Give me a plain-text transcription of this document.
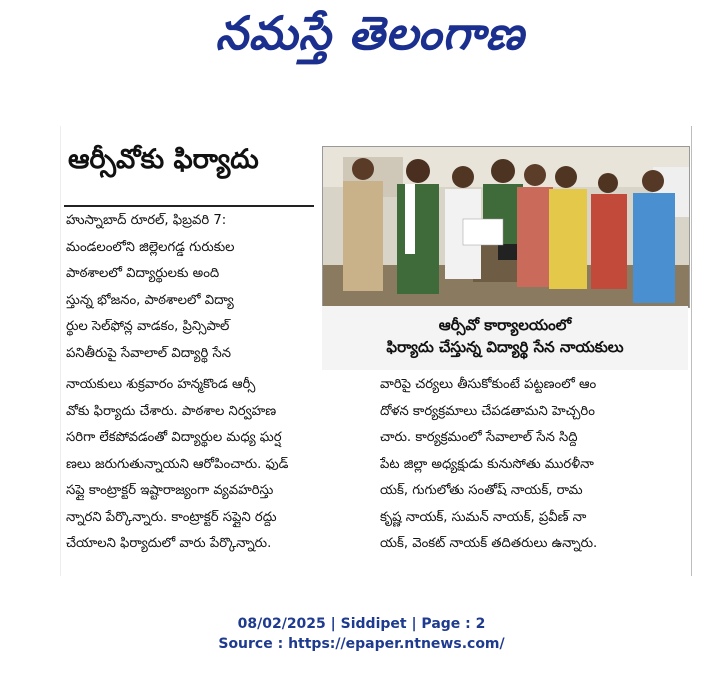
నమస్తే తెలంగాణ
ఆర్సీవోకు ఫిర్యాదు
ఆర్సీవో కార్యాలయంలో
ఫిర్యాదు చేస్తున్న విద్యార్థి సేన నాయకులు
హుస్నాబాద్ రూరల్, ఫిబ్రవరి 7:
మండలంలోని జిల్లెలగడ్డ గురుకుల
పాఠశాలలో విద్యార్థులకు అంది
స్తున్న భోజనం, పాఠశాలలో విద్యా
ర్థుల సెల్‌ఫోన్ల వాడకం, ప్రిన్సిపాల్
పనితీరుపై సేవాలాల్ విద్యార్థి సేన
నాయకులు శుక్రవారం హన్మకొండ ఆర్సీ
వోకు ఫిర్యాదు చేశారు. పాఠశాల నిర్వహణ
సరిగా లేకపోవడంతో విద్యార్థుల మధ్య ఘర్ష
ణలు జరుగుతున్నాయని ఆరోపించారు. ఫుడ్
సప్లై కాంట్రాక్టర్ ఇష్టారాజ్యంగా వ్యవహరిస్తు
న్నారని పేర్కొన్నారు. కాంట్రాక్టర్ సప్లైని రద్దు
చేయాలని ఫిర్యాదులో వారు పేర్కొన్నారు.
వారిపై చర్యలు తీసుకోకుంటే పట్టణంలో ఆం
దోళన కార్యక్రమాలు చేపడతామని హెచ్చరిం
చారు. కార్యక్రమంలో సేవాలాల్ సేన సిద్ది
పేట జిల్లా అధ్యక్షుడు కునుసోతు మురళీనా
యక్, గుగులోతు సంతోష్ నాయక్, రామ
కృష్ణ నాయక్, సుమన్ నాయక్, ప్రవీణ్ నా
యక్, వెంకట్ నాయక్ తదితరులు ఉన్నారు.
08/02/2025 | Siddipet | Page : 2
Source : https://epaper.ntnews.com/
